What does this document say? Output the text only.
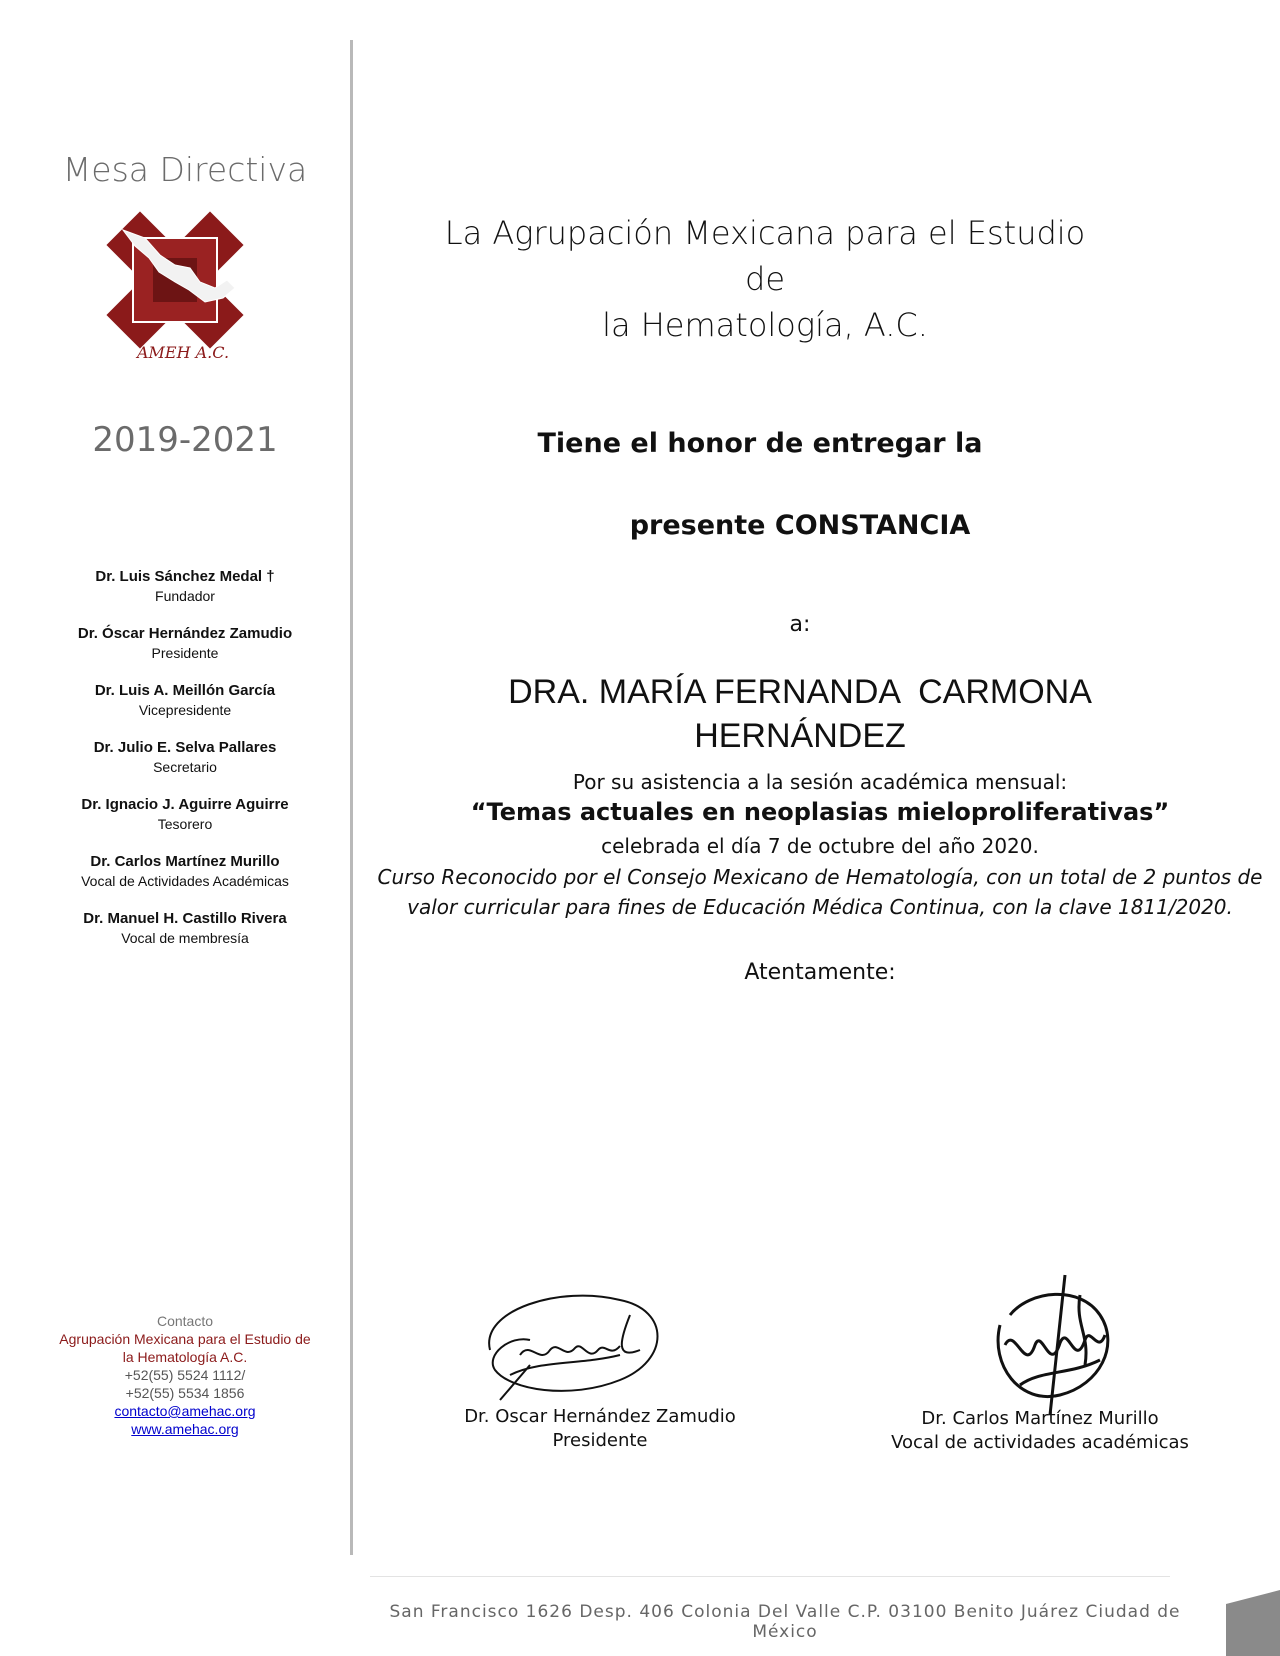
Mesa Directiva
AMEH A.C.
2019-2021
Dr. Luis Sánchez Medal †
Fundador
Dr. Óscar Hernández Zamudio
Presidente
Dr. Luis A. Meillón García
Vicepresidente
Dr. Julio E. Selva Pallares
Secretario
Dr. Ignacio J. Aguirre Aguirre
Tesorero
Dr. Carlos Martínez Murillo
Vocal de Actividades Académicas
Dr. Manuel H. Castillo Rivera
Vocal de membresía
Contacto
Agrupación Mexicana para el Estudio de
la Hematología A.C.
+52(55) 5524 1112/
+52(55) 5534 1856
contacto@amehac.org
www.amehac.org
La Agrupación Mexicana para el Estudio de
la Hematología, A.C.
Tiene el honor de entregar la
presente CONSTANCIA
a:
DRA. MARÍA FERNANDA  CARMONA
HERNÁNDEZ
Por su asistencia a la sesión académica mensual:
“Temas actuales en neoplasias mieloproliferativas”
celebrada el día 7 de octubre del año 2020.
Curso Reconocido por el Consejo Mexicano de Hematología, con un total de 2 puntos de
valor curricular para fines de Educación Médica Continua, con la clave 1811/2020.
Atentamente:
Dr. Oscar Hernández Zamudio
Presidente
Dr. Carlos Martínez Murillo
Vocal de actividades académicas
San Francisco 1626 Desp. 406 Colonia Del Valle C.P. 03100 Benito Juárez Ciudad de México
